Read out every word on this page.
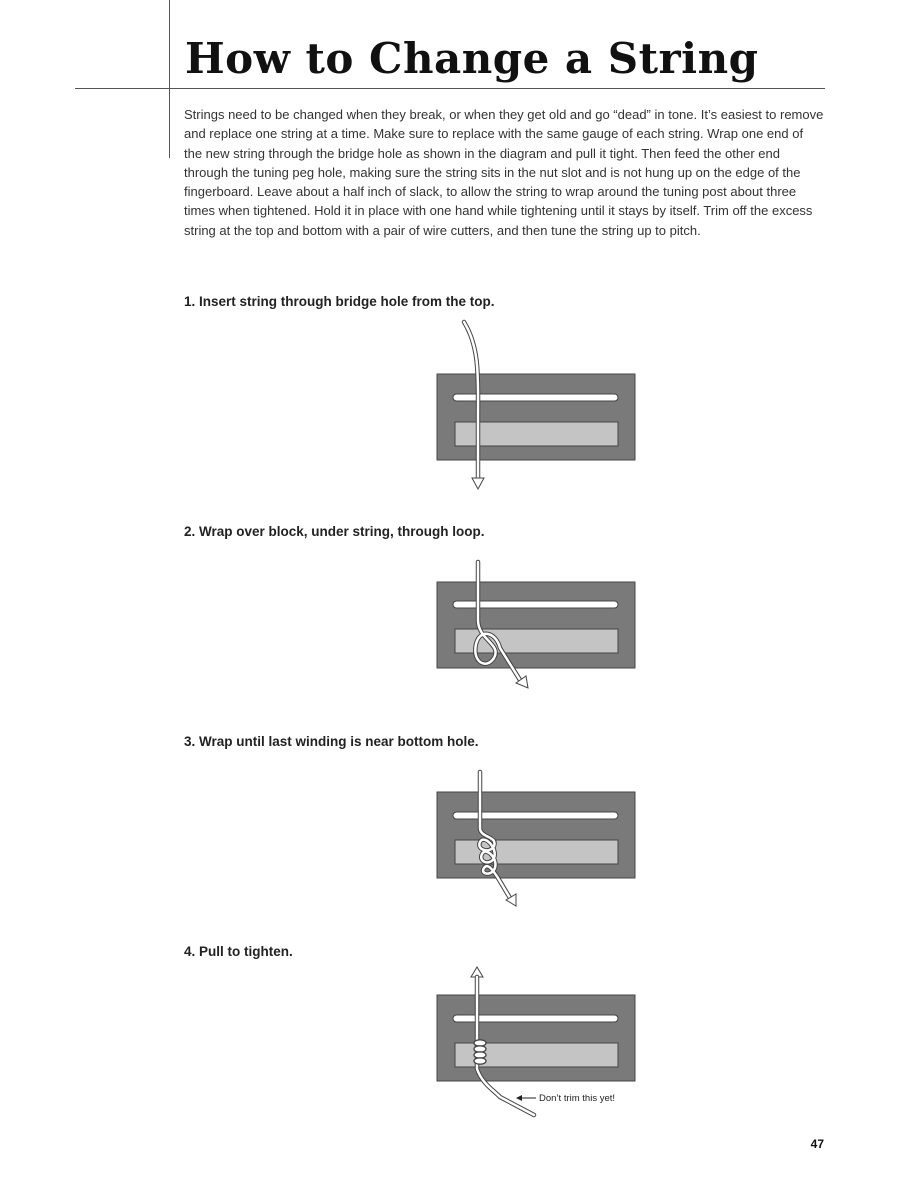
How to Change a String

Strings need to be changed when they break, or when they get old and go “dead” in tone. It’s easiest to remove and replace one string at a time. Make sure to replace with the same gauge of each string. Wrap one end of the new string through the bridge hole as shown in the diagram and pull it tight. Then feed the other end through the tuning peg hole, making sure the string sits in the nut slot and is not hung up on the edge of the fingerboard. Leave about a half inch of slack, to allow the string to wrap around the tuning post about three times when tightened. Hold it in place with one hand while tightening until it stays by itself. Trim off the excess string at the top and bottom with a pair of wire cutters, and then tune the string up to pitch.

1. Insert string through bridge hole from the top.

2. Wrap over block, under string, through loop.

3. Wrap until last winding is near bottom hole.

4. Pull to tighten.

Don’t trim this yet!
47
